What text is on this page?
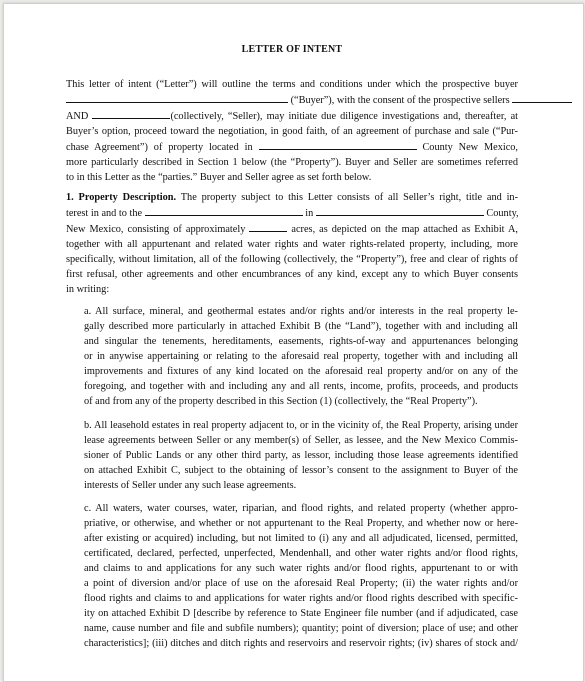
LETTER OF INTENT
This letter of intent (“Letter”) will outline the terms and conditions under which the prospective buyer
(“Buyer”), with the consent of the prospective sellers
AND	(collectively, “Seller), may initiate due diligence investigations and, thereafter, at
Buyer’s option, proceed toward the negotiation, in good faith, of an agreement of purchase and sale (“Pur-
chase Agreement”) of property located in	County New Mexico,
more particularly described in Section 1 below (the “Property”). Buyer and Seller are sometimes referred
to in this Letter as the “parties.” Buyer and Seller agree as set forth below.
1. Property Description. The property subject to this Letter consists of all Seller’s right, title and in-
terest in and to the	in	County,
New Mexico, consisting of approximately	acres, as depicted on the map attached as Exhibit A,
together with all appurtenant and related water rights and water rights-related property, including, more
specifically, without limitation, all of the following (collectively, the “Property”), free and clear of rights of
first refusal, other agreements and other encumbrances of any kind, except any to which Buyer consents
in writing:
a. All surface, mineral, and geothermal estates and/or rights and/or interests in the real property le-
gally described more particularly in attached Exhibit B (the “Land”), together with and including all
and singular the tenements, hereditaments, easements, rights-of-way and appurtenances belonging
or in anywise appertaining or relating to the aforesaid real property, together with and including all
improvements and fixtures of any kind located on the aforesaid real property and/or on any of the
foregoing, and together with and including any and all rents, income, profits, proceeds, and products
of and from any of the property described in this Section (1) (collectively, the “Real Property”).
b. All leasehold estates in real property adjacent to, or in the vicinity of, the Real Property, arising under
lease agreements between Seller or any member(s) of Seller, as lessee, and the New Mexico Commis-
sioner of Public Lands or any other third party, as lessor, including those lease agreements identified
on attached Exhibit C, subject to the obtaining of lessor’s consent to the assignment to Buyer of the
interests of Seller under any such lease agreements.
c. All waters, water courses, water, riparian, and flood rights, and related property (whether appro-
priative, or otherwise, and whether or not appurtenant to the Real Property, and whether now or here-
after existing or acquired) including, but not limited to (i) any and all adjudicated, licensed, permitted,
certificated, declared, perfected, unperfected, Mendenhall, and other water rights and/or flood rights,
and claims to and applications for any such water rights and/or flood rights, appurtenant to or with
a point of diversion and/or place of use on the aforesaid Real Property; (ii) the water rights and/or
flood rights and claims to and applications for water rights and/or flood rights described with specific-
ity on attached Exhibit D [describe by reference to State Engineer file number (and if adjudicated, case
name, cause number and file and subfile numbers); quantity; point of diversion; place of use; and other
characteristics]; (iii) ditches and ditch rights and reservoirs and reservoir rights; (iv) shares of stock and/
